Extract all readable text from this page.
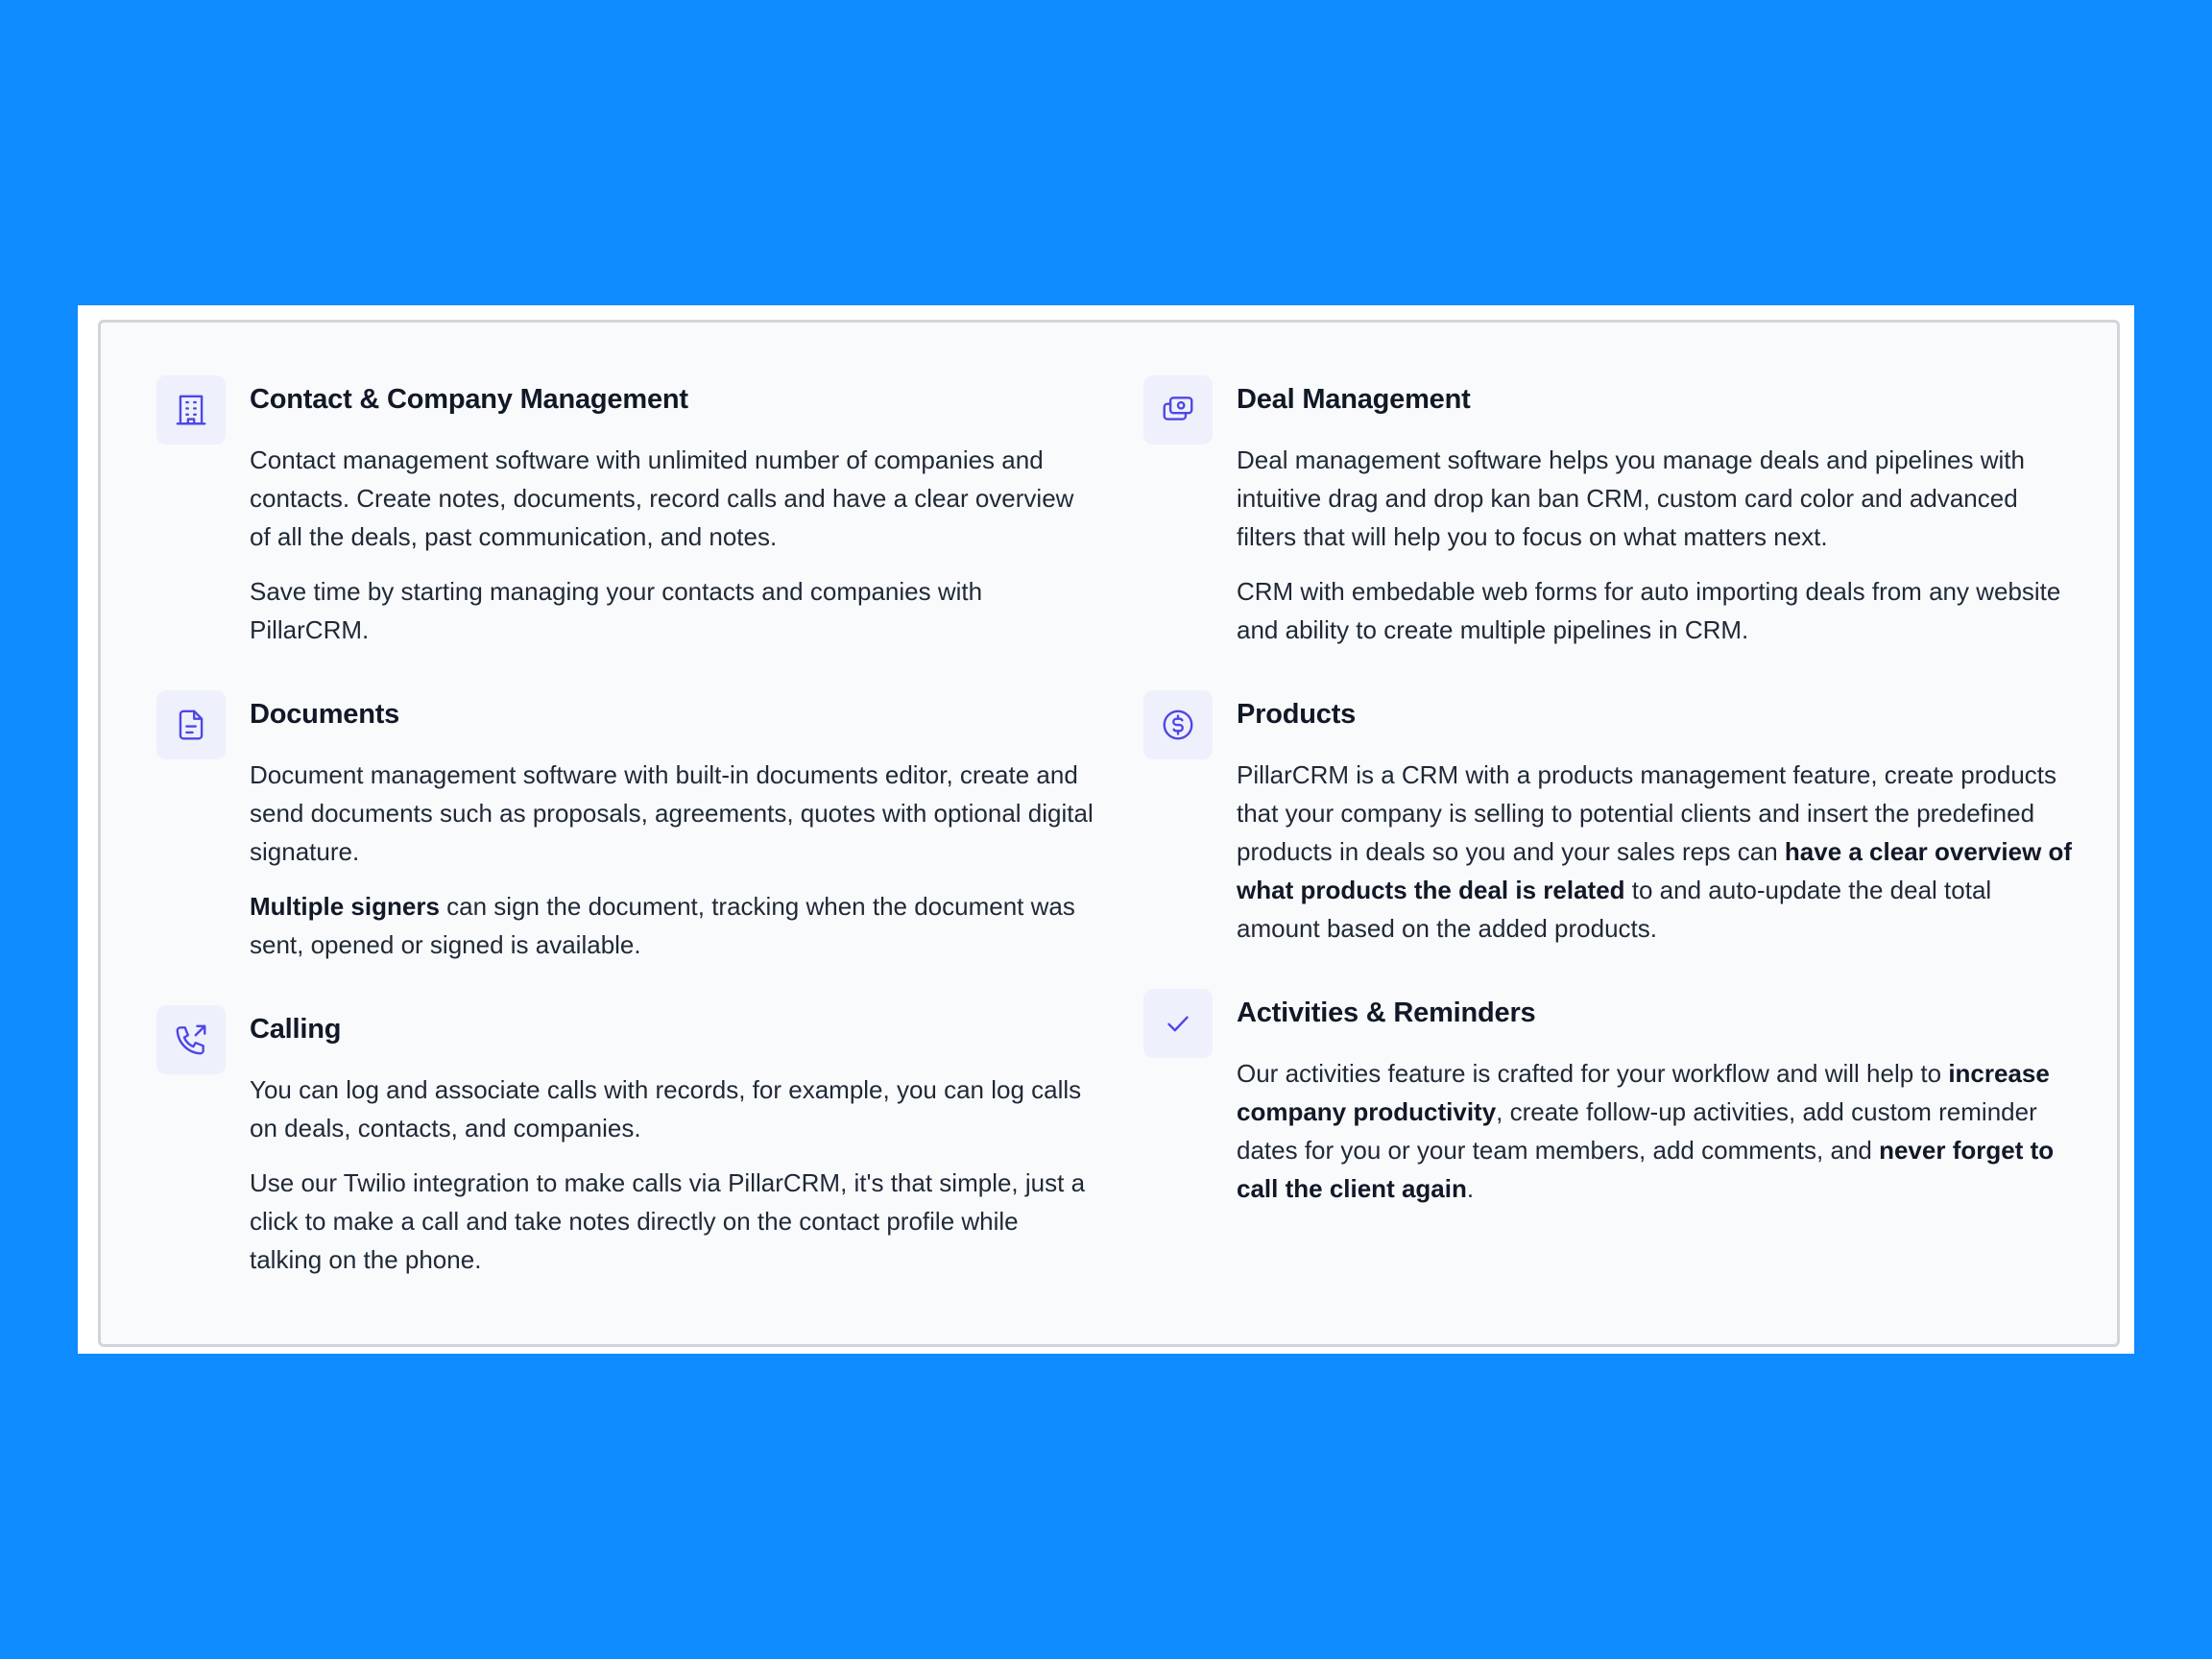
Contact & Company Management

Contact management software with unlimited number of companies and contacts. Create notes, documents, record calls and have a clear overview of all the deals, past communication, and notes.

Save time by starting managing your contacts and companies with PillarCRM.

Documents

Document management software with built-in documents editor, create and send documents such as proposals, agreements, quotes with optional digital signature.

Multiple signers can sign the document, tracking when the document was sent, opened or signed is available.

Calling

You can log and associate calls with records, for example, you can log calls on deals, contacts, and companies.

Use our Twilio integration to make calls via PillarCRM, it's that simple, just a click to make a call and take notes directly on the contact profile while talking on the phone.

Deal Management

Deal management software helps you manage deals and pipelines with intuitive drag and drop kan ban CRM, custom card color and advanced filters that will help you to focus on what matters next.

CRM with embedable web forms for auto importing deals from any website and ability to create multiple pipelines in CRM.

Products

PillarCRM is a CRM with a products management feature, create products that your company is selling to potential clients and insert the predefined products in deals so you and your sales reps can have a clear overview of what products the deal is related to and auto-update the deal total amount based on the added products.

Activities & Reminders

Our activities feature is crafted for your workflow and will help to increase company productivity, create follow-up activities, add custom reminder dates for you or your team members, add comments, and never forget to call the client again.
